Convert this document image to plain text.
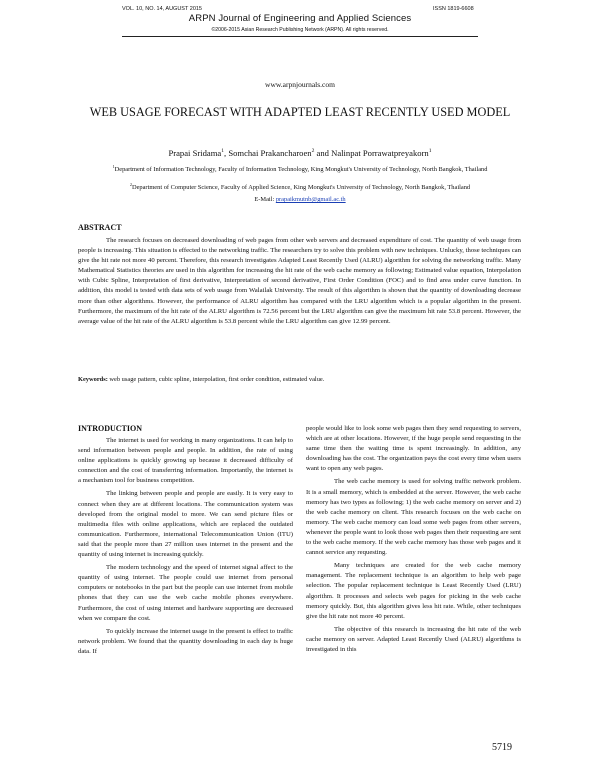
VOL. 10, NO. 14, AUGUST 2015	ISSN 1819-6608
ARPN Journal of Engineering and Applied Sciences
©2006-2015 Asian Research Publishing Network (ARPN). All rights reserved.
www.arpnjournals.com
WEB USAGE FORECAST WITH ADAPTED LEAST RECENTLY USED MODEL
Prapai Sridama$^1$, Somchai Prakancharoen$^2$ and Nalinpat Porrawatpreyakorn$^1$
$^1$Department of Information Technology, Faculty of Information Technology, King Mongkut's University of Technology, North Bangkok, Thailand
$^2$Department of Computer Science, Faculty of Applied Science, King Mongkut's University of Technology, North Bangkok, Thailand
E-Mail: prapaikmutnb@gmail.ac.th
ABSTRACT
The research focuses on decreased downloading of web pages from other web servers and decreased expenditure of cost. The quantity of web usage from people is increasing. This situation is effected to the networking traffic. The researchers try to solve this problem with new techniques. Unlucky, those techniques can give the hit rate not more 40 percent. Therefore, this research investigates Adapted Least Recently Used (ALRU) algorithm for solving the networking traffic. Many Mathematical Statistics theories are used in this algorithm for increasing the hit rate of the web cache memory as following; Estimated value equation, Interpolation with Cubic Spline, Interpretation of first derivative, Interpretation of second derivative, First Order Condition (FOC) and to find area under curve function. In addition, this model is tested with data sets of web usage from Walailak University. The result of this algorithm is shown that the quantity of downloading decrease more than other algorithms. However, the performance of ALRU algorithm has compared with the LRU algorithm which is a popular algorithm in the present. Furthermore, the maximum of the hit rate of the ALRU algorithm is 72.56 percent but the LRU algorithm can give the maximum hit rate 53.8 percent. However, the average value of the hit rate of the ALRU algorithm is 53.8 percent while the LRU algorithm can give 12.99 percent.
Keywords: web usage pattern, cubic spline, interpolation, first order condition, estimated value.
INTRODUCTION

The internet is used for working in many organizations. It can help to send information between people and people. In addition, the rate of using online applications is quickly growing up because it decreased difficulty of connection and the cost of transferring information. Importantly, the internet is a mechanism tool for business competition.

The linking between people and people are easily. It is very easy to connect when they are at different locations. The communication system was developed from the original model to more. We can send picture files or multimedia files with online applications, which are replaced the outdated communication. Furthermore, international Telecommunication Union (ITU) said that the people more than 27 million uses internet in the present and the quantity of using internet is increasing quickly.

The modern technology and the speed of internet signal affect to the quantity of using internet. The people could use internet from personal computers or notebooks in the part but the people can use internet from mobile phones that they can use the web cache mobile phones everywhere. Furthermore, the cost of using internet and hardware supporting are decreased when we compare the cost.

To quickly increase the internet usage in the present is effect to traffic network problem. We found that the quantity downloading in each day is huge data. If

people would like to look some web pages then they send requesting to servers, which are at other locations. However, if the huge people send requesting in the same time then the waiting time is spent increasingly. In addition, any downloading has the cost. The organization pays the cost every time when users want to open any web pages.

The web cache memory is used for solving traffic network problem. It is a small memory, which is embedded at the server. However, the web cache memory has two types as following; 1) the web cache memory on server and 2) the web cache memory on client. This research focuses on the web cache on memory. The web cache memory can load some web pages from other servers, whenever the people want to look those web pages then their requesting are sent to the web cache memory. If the web cache memory has those web pages and it cannot service any requesting.

Many techniques are created for the web cache memory management. The replacement technique is an algorithm to help web page selection. The popular replacement technique is Least Recently Used (LRU) algorithm. It processes and selects web pages for picking in the web cache memory quickly. But, this algorithm gives less hit rate. While, other techniques give the hit rate not more 40 percent.

The objective of this research is increasing the hit rate of the web cache memory on server. Adapted Least Recently Used (ALRU) algorithms is investigated in this

5719
